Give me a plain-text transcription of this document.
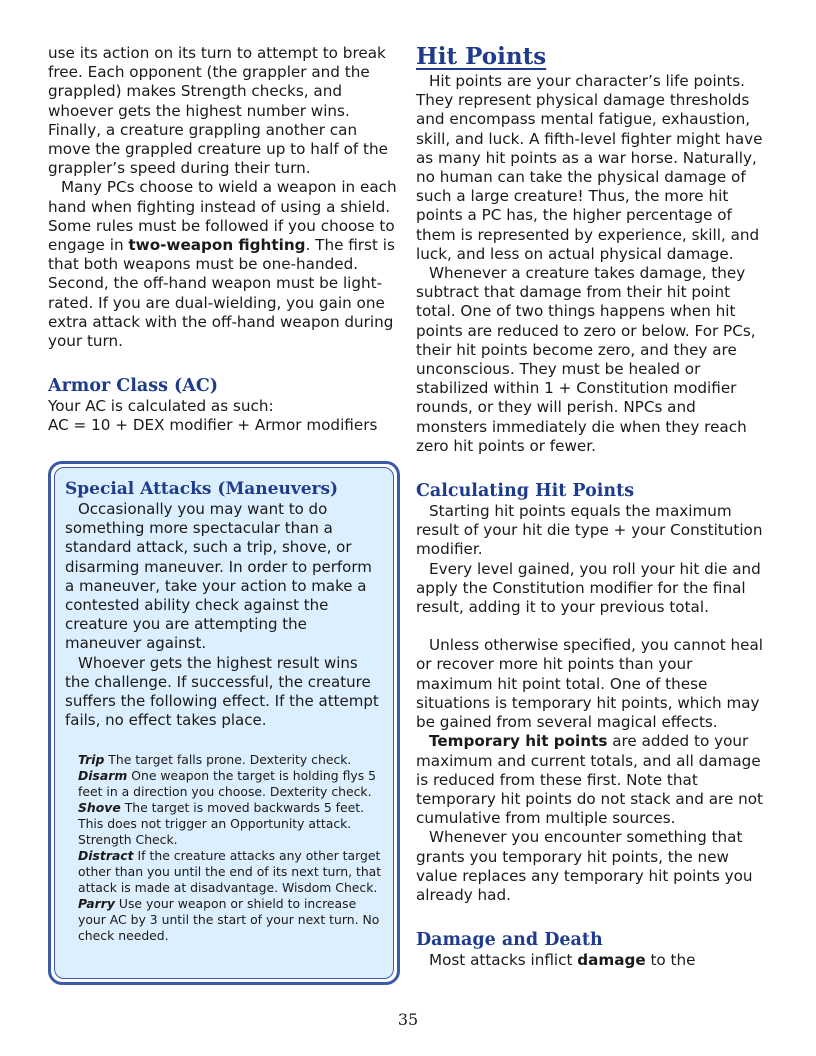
use its action on its turn to attempt to break free. Each opponent (the grappler and the grappled) makes Strength checks, and whoever gets the highest number wins. Finally, a creature grappling another can move the grappled creature up to half of the grappler’s speed during their turn.

Many PCs choose to wield a weapon in each hand when fighting instead of using a shield. Some rules must be followed if you choose to engage in two-weapon fighting. The first is that both weapons must be one-handed. Second, the off-hand weapon must be light-rated. If you are dual-wielding, you gain one extra attack with the off-hand weapon during your turn.

Armor Class (AC)

Your AC is calculated as such:

AC = 10 + DEX modifier + Armor modifiers

Special Attacks (Maneuvers)

Occasionally you may want to do something more spectacular than a standard attack, such a trip, shove, or disarming maneuver. In order to perform a maneuver, take your action to make a contested ability check against the creature you are attempting the maneuver against.

Whoever gets the highest result wins the challenge. If successful, the creature suffers the following effect. If the attempt fails, no effect takes place.

Trip The target falls prone. Dexterity check.
Disarm One weapon the target is holding flys 5 feet in a direction you choose. Dexterity check.
Shove The target is moved backwards 5 feet. This does not trigger an Opportunity attack. Strength Check.
Distract If the creature attacks any other target other than you until the end of its next turn, that attack is made at disadvantage. Wisdom Check.
Parry Use your weapon or shield to increase your AC by 3 until the start of your next turn. No check needed.
Hit Points

Hit points are your character’s life points. They represent physical damage thresholds and encompass mental fatigue, exhaustion, skill, and luck. A fifth-level fighter might have as many hit points as a war horse. Naturally, no human can take the physical damage of such a large creature! Thus, the more hit points a PC has, the higher percentage of them is represented by experience, skill, and luck, and less on actual physical damage.

Whenever a creature takes damage, they subtract that damage from their hit point total. One of two things happens when hit points are reduced to zero or below. For PCs, their hit points become zero, and they are unconscious. They must be healed or stabilized within 1 + Constitution modifier rounds, or they will perish. NPCs and monsters immediately die when they reach zero hit points or fewer.

Calculating Hit Points

Starting hit points equals the maximum result of your hit die type + your Constitution modifier.

Every level gained, you roll your hit die and apply the Constitution modifier for the final result, adding it to your previous total.

Unless otherwise specified, you cannot heal or recover more hit points than your maximum hit point total. One of these situations is temporary hit points, which may be gained from several magical effects.

Temporary hit points are added to your maximum and current totals, and all damage is reduced from these first. Note that temporary hit points do not stack and are not cumulative from multiple sources.

Whenever you encounter something that grants you temporary hit points, the new value replaces any temporary hit points you already had.

Damage and Death

Most attacks inflict damage to the

35
